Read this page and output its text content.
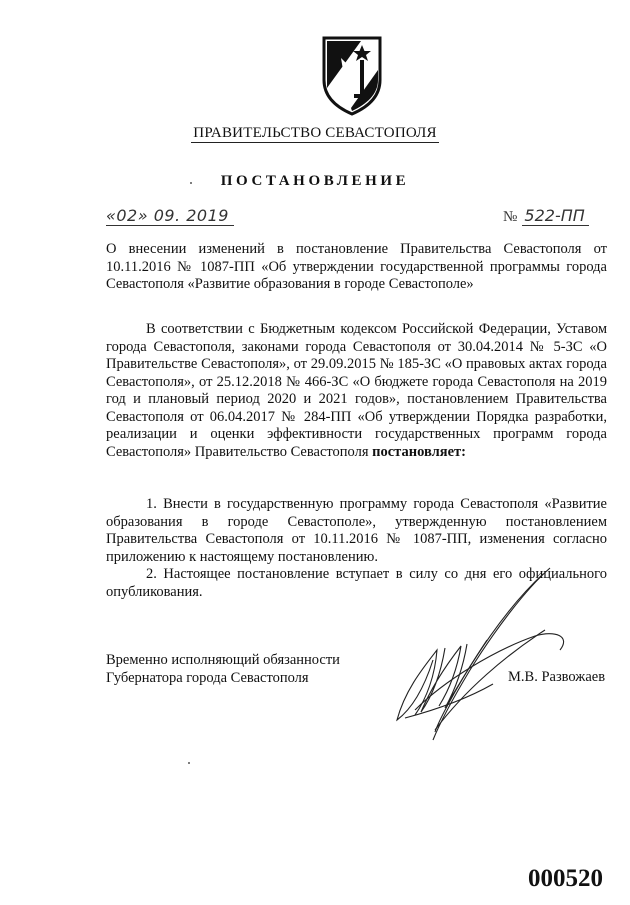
ПРАВИТЕЛЬСТВО СЕВАСТОПОЛЯ
ПОСТАНОВЛЕНИЕ
«02» 09. 2019	№ 522-ПП
О внесении изменений в постановление Правительства Севастополя от 10.11.2016 № 1087-ПП «Об утверждении государственной программы города Севастополя «Развитие образования в городе Севастополе»
В соответствии с Бюджетным кодексом Российской Федерации, Уставом города Севастополя, законами города Севастополя от 30.04.2014 № 5-ЗС «О Правительстве Севастополя», от 29.09.2015 № 185-ЗС «О правовых актах города Севастополя», от 25.12.2018 № 466-ЗС «О бюджете города Севастополя на 2019 год и плановый период 2020 и 2021 годов», постановлением Правительства Севастополя от 06.04.2017 № 284-ПП «Об утверждении Порядка разработки, реализации и оценки эффективности государственных программ города Севастополя» Правительство Севастополя постановляет:
1. Внести в государственную программу города Севастополя «Развитие образования в городе Севастополе», утвержденную постановлением Правительства Севастополя от 10.11.2016 № 1087-ПП, изменения согласно приложению к настоящему постановлению.
2. Настоящее постановление вступает в силу со дня его официального опубликования.
Временно исполняющий обязанности
Губернатора города Севастополя	М.В. Развожаев
000520
